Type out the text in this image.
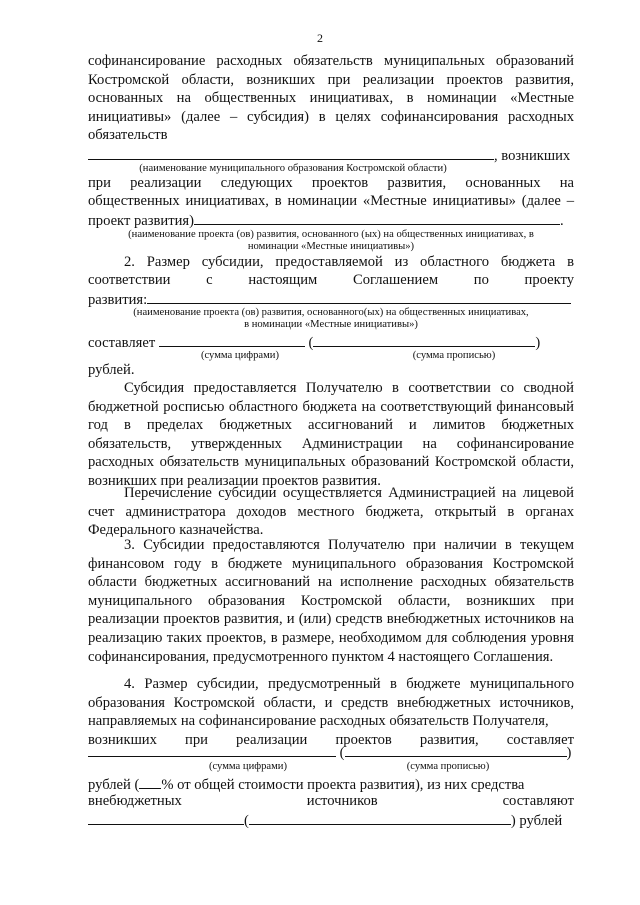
2
софинансирование расходных обязательств муниципальных образований Костромской области, возникших при реализации проектов развития, основанных на общественных инициативах, в номинации «Местные инициативы» (далее – субсидия) в целях софинансирования расходных обязательств
, возникших
(наименование муниципального образования Костромской области)
при реализации следующих проектов развития, основанных на
общественных инициативах, в номинации «Местные инициативы» (далее –
проект развития)	.
(наименование проекта (ов) развития, основанного (ых) на общественных инициативах, в
номинации «Местные инициативы»)
2. Размер субсидии, предоставляемой из областного бюджета в
соответствии с настоящим Соглашением по проекту
развития:
(наименование проекта (ов) развития, основанного(ых) на общественных инициативах,
в номинации «Местные инициативы»)
составляет	(	)
(сумма цифрами)	(сумма прописью)
рублей.
Субсидия предоставляется Получателю в соответствии со сводной бюджетной росписью областного бюджета на соответствующий финансовый год в пределах бюджетных ассигнований и лимитов бюджетных обязательств, утвержденных Администрации на софинансирование расходных обязательств муниципальных образований Костромской области, возникших при реализации проектов развития.
Перечисление субсидии осуществляется Администрацией на лицевой счет администратора доходов местного бюджета, открытый в органах Федерального казначейства.
3. Субсидии предоставляются Получателю при наличии в текущем финансовом году в бюджете муниципального образования Костромской области бюджетных ассигнований на исполнение расходных обязательств муниципального образования Костромской области, возникших при реализации проектов развития, и (или) средств внебюджетных источников на реализацию таких проектов, в размере, необходимом для соблюдения уровня софинансирования, предусмотренного пунктом 4 настоящего Соглашения.
4. Размер субсидии, предусмотренный в бюджете муниципального образования Костромской области, и средств внебюджетных источников, направляемых на софинансирование расходных обязательств Получателя,
возникших при реализации проектов развития, составляет
(	)
(сумма цифрами)	(сумма прописью)
рублей ( % от общей стоимости проекта развития), из них средства
внебюджетных источников составляют
(	) рублей
